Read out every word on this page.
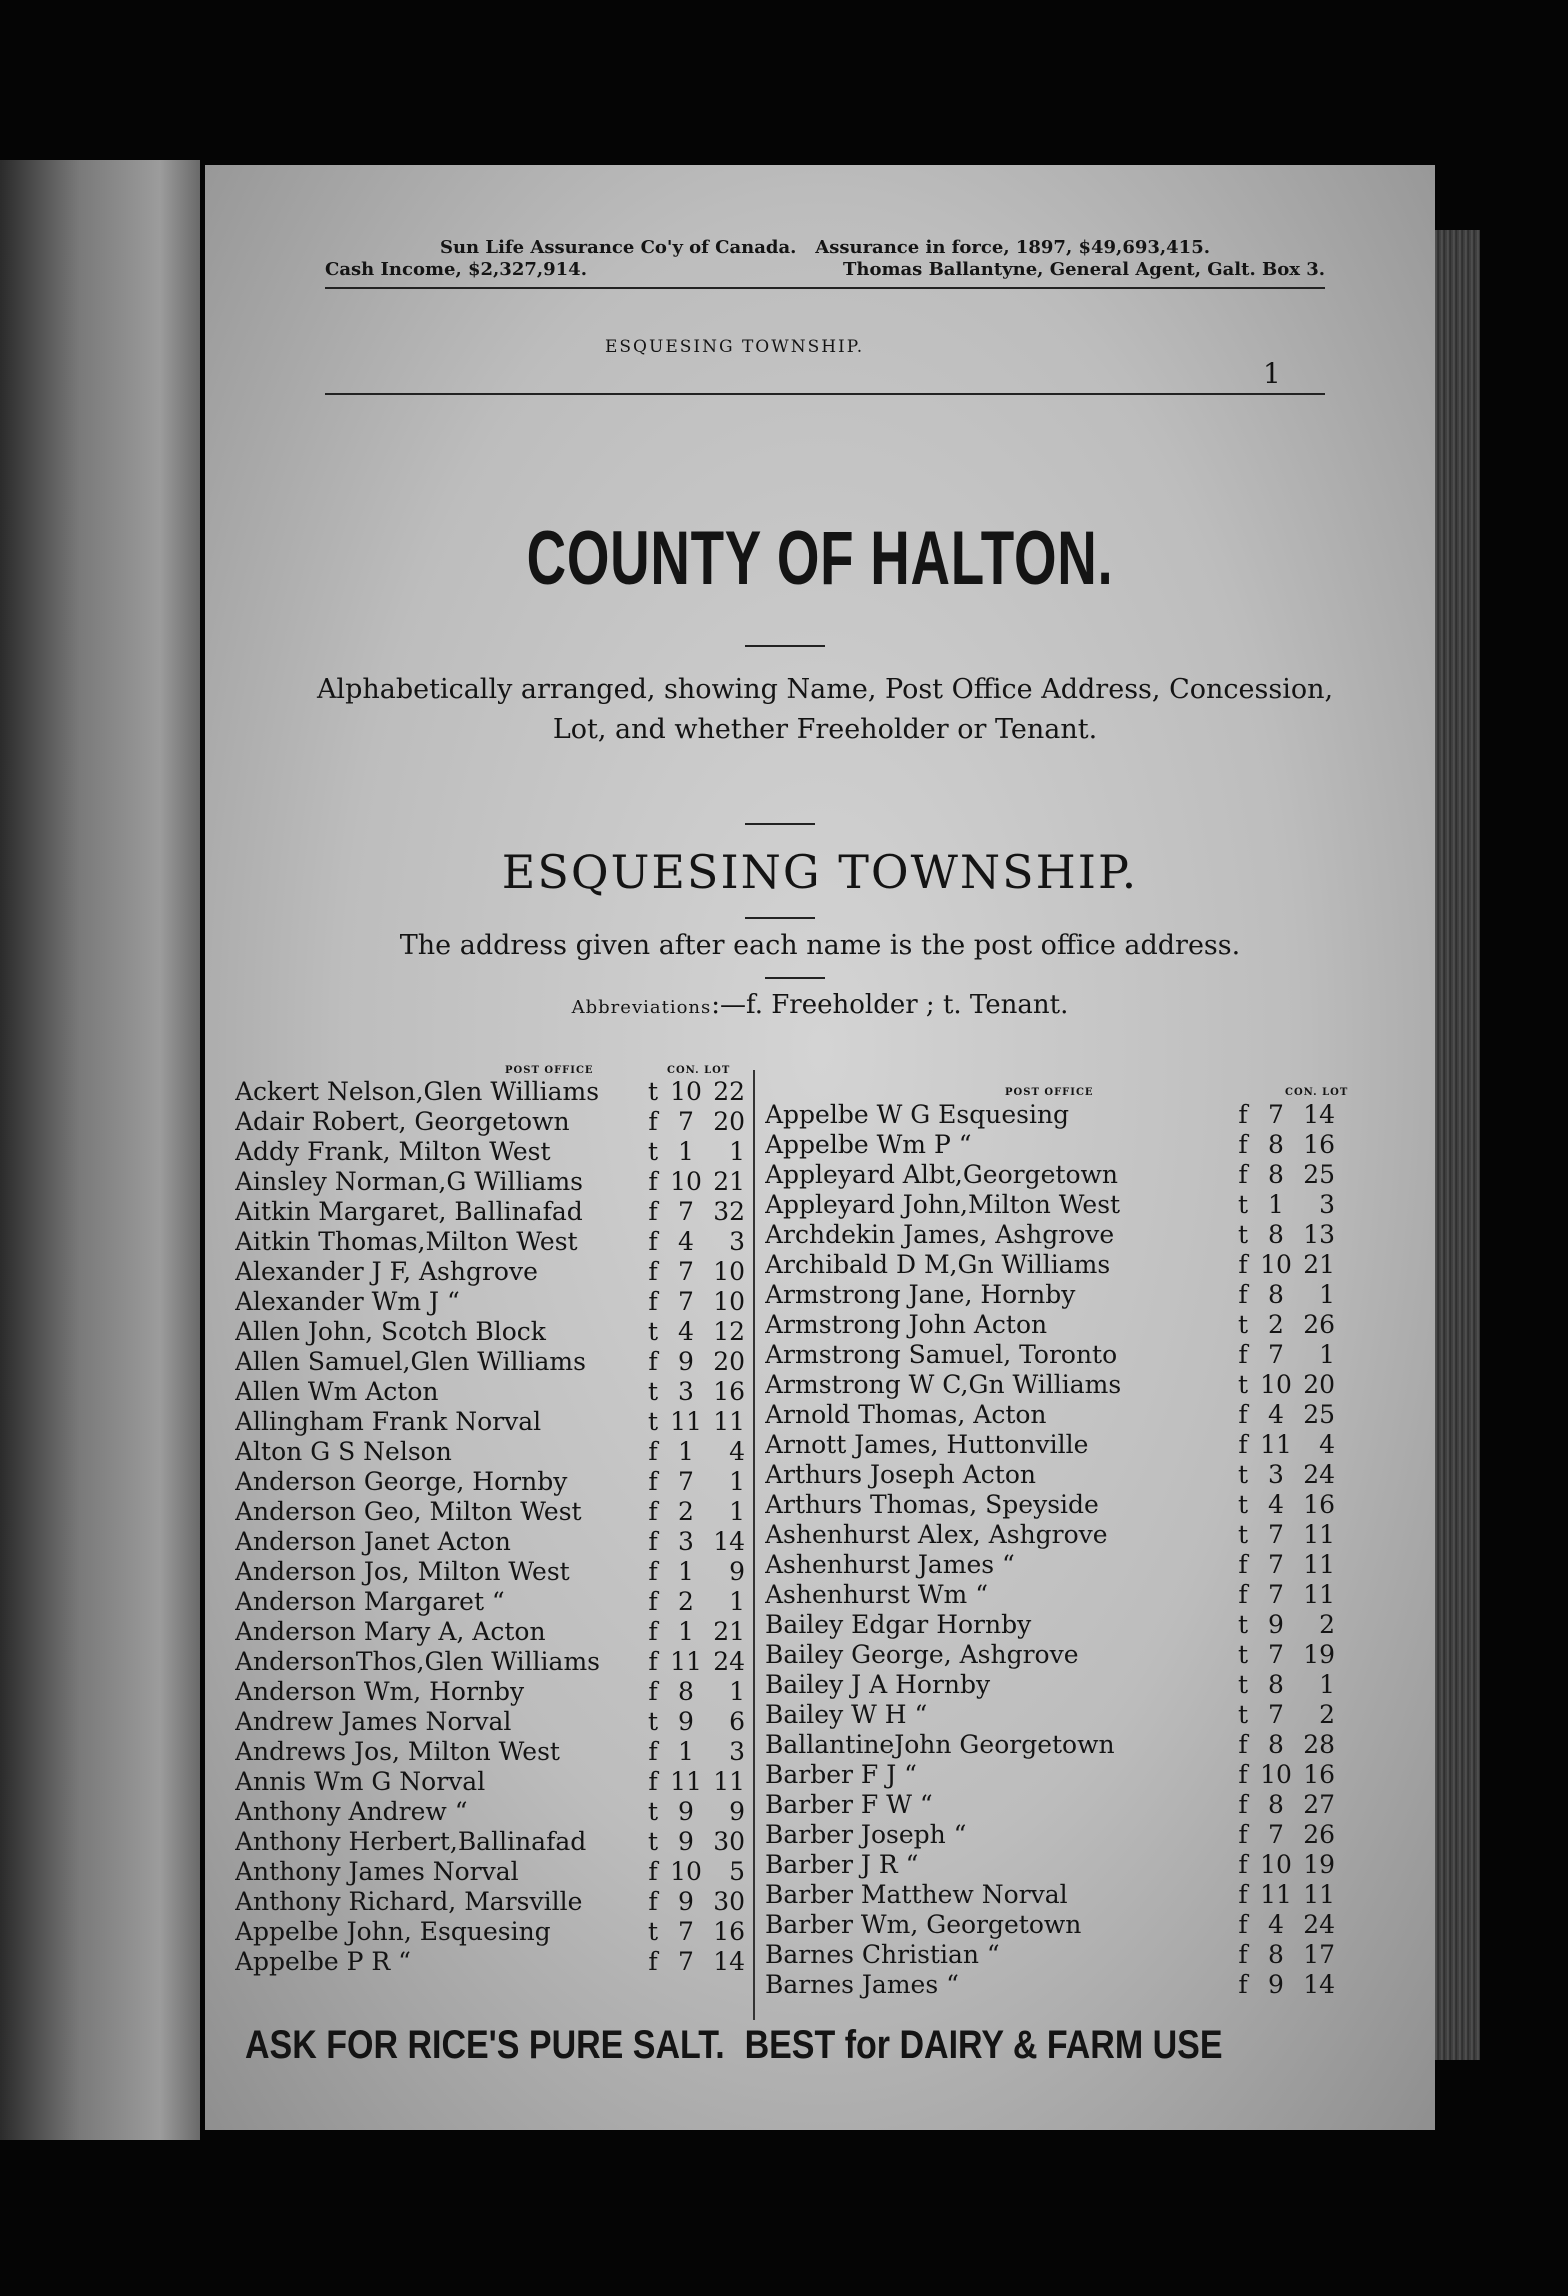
Sun Life Assurance Co'y of Canada. Assurance in force, 1897, $49,693,415.
Cash Income, $2,327,914.	Thomas Ballantyne, General Agent, Galt. Box 3.
ESQUESING TOWNSHIP.
1
COUNTY OF HALTON.
Alphabetically arranged, showing Name, Post Office Address, Concession, Lot, and whether Freeholder or Tenant.
ESQUESING TOWNSHIP.
The address given after each name is the post office address.
Abbreviations:—f. Freeholder ; t. Tenant.
POST OFFICE	CON. LOT
Ackert Nelson,Glen Williams	t 10 22
Adair Robert, Georgetown	f 7 20
Addy Frank, Milton West	t 1	1
Ainsley Norman,G Williams	f 10 21
Aitkin Margaret, Ballinafad	f 7 32
Aitkin Thomas,Milton West	f 4	3
Alexander J F, Ashgrove	f 7 10
Alexander Wm J “	f 7 10
Allen John, Scotch Block	t 4 12
Allen Samuel,Glen Williams	f 9 20
Allen Wm Acton	t 3 16
Allingham Frank Norval	t 11 11
Alton G S Nelson	f 1	4
Anderson George, Hornby	f 7	1
Anderson Geo, Milton West	f 2	1
Anderson Janet Acton	f 3 14
Anderson Jos, Milton West	f 1	9
Anderson Margaret “	f 2	1
Anderson Mary A, Acton	f 1 21
AndersonThos,Glen Williams	f 11 24
Anderson Wm, Hornby	f 8	1
Andrew James Norval	t 9	6
Andrews Jos, Milton West	f 1	3
Annis Wm G Norval	f 11 11
Anthony Andrew “	t 9	9
Anthony Herbert,Ballinafad	t 9 30
Anthony James Norval	f 10	5
Anthony Richard, Marsville	f 9 30
Appelbe John, Esquesing	t 7 16
Appelbe P R “	f 7 14
POST OFFICE	CON. LOT
Appelbe W G Esquesing	f 7 14
Appelbe Wm P “	f 8 16
Appleyard Albt,Georgetown	f 8 25
Appleyard John,Milton West	t 1	3
Archdekin James, Ashgrove	t 8 13
Archibald D M,Gn Williams	f 10 21
Armstrong Jane, Hornby	f 8	1
Armstrong John Acton	t 2 26
Armstrong Samuel, Toronto	f 7	1
Armstrong W C,Gn Williams	t 10 20
Arnold Thomas, Acton	f 4 25
Arnott James, Huttonville	f 11	4
Arthurs Joseph Acton	t 3 24
Arthurs Thomas, Speyside	t 4 16
Ashenhurst Alex, Ashgrove	t 7 11
Ashenhurst James “	f 7 11
Ashenhurst Wm “	f 7 11
Bailey Edgar Hornby	t 9	2
Bailey George, Ashgrove	t 7 19
Bailey J A Hornby	t 8	1
Bailey W H “	t 7	2
BallantineJohn Georgetown	f 8 28
Barber F J “	f 10 16
Barber F W “	f 8 27
Barber Joseph “	f 7 26
Barber J R “	f 10 19
Barber Matthew Norval	f 11 11
Barber Wm, Georgetown	f 4 24
Barnes Christian “	f 8 17
Barnes James “	f 9 14
ASK FOR RICE'S PURE SALT. BEST for DAIRY & FARM USE
